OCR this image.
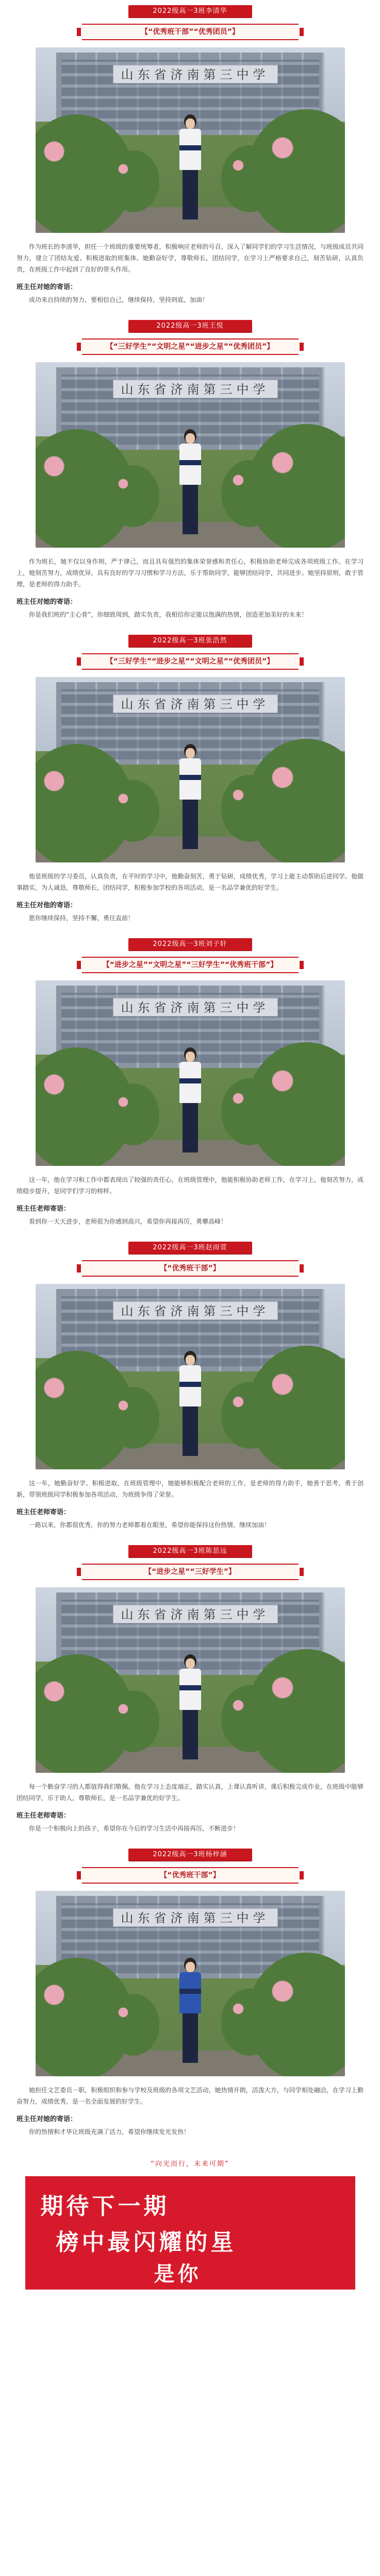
2022级高一3班李清华
【“优秀班干部”“优秀团员”】
山东省济南第三中学

作为班长的李清华，担任一个班级的重要统筹者，积极响应老师的号召，深入了解同学们的学习生活情况，与班级成员共同努力，建立了团结友爱、积极进取的班集体。她勤奋好学，尊敬师长，团结同学，在学习上严格要求自己，刻苦钻研，认真负责，在班级工作中起到了良好的带头作用。

班主任对她的寄语：

成功来自持续的努力，要相信自己，继续保持，坚持到底，加油！

2022级高一3班王悦
【“三好学生”“文明之星”“进步之星”“优秀团员”】
山东省济南第三中学

作为班长，她不仅以身作则，严于律己，而且具有强烈的集体荣誉感和责任心，积极协助老师完成各项班级工作。在学习上，她刻苦努力，成绩优异，具有良好的学习习惯和学习方法，乐于帮助同学，能够团结同学，共同进步。她坚持原则，敢于管理，是老师的得力助手。

班主任对她的寄语：

你是我们班的“主心骨”，你细致周到，踏实负责，我相信你定能以饱满的热情，创造更加美好的未来！

2022级高一3班张浩然
【“三好学生”“进步之星”“文明之星”“优秀团员”】
山东省济南第三中学

他是班级的学习委员，认真负责，在平时的学习中，他勤奋刻苦，勇于钻研，成绩优秀，学习上能主动帮助后进同学。他做事踏实，为人诚恳，尊敬师长，团结同学，积极参加学校的各项活动，是一名品学兼优的好学生。

班主任对他的寄语：

愿你继续保持，坚持不懈，勇往直前！

2022级高一3班刘子轩
【“进步之星”“文明之星”“三好学生”“优秀班干部”】
山东省济南第三中学

这一年，他在学习和工作中都表现出了较强的责任心，在班级管理中，他能积极协助老师工作，在学习上，他刻苦努力，成绩稳步提升，是同学们学习的榜样。

班主任老师寄语：

看到你一天天进步，老师很为你感到高兴，希望你再接再厉，勇攀高峰！

2022级高一3班赵雨萱
【“优秀班干部”】
山东省济南第三中学

这一年，她勤奋好学、积极进取，在班级管理中，她能够积极配合老师的工作，是老师的得力助手，她善于思考，勇于创新，带领班级同学积极参加各项活动，为班级争得了荣誉。

班主任老师寄语：

一路以来，你都很优秀，你的努力老师都看在眼里，希望你能保持这份热情，继续加油！

2022级高一3班陈思远
【“进步之星”“三好学生”】
山东省济南第三中学

每一个勤奋学习的人都值得我们敬佩。他在学习上态度端正，踏实认真，上课认真听讲，课后积极完成作业，在班级中能够团结同学，乐于助人，尊敬师长，是一名品学兼优的好学生。

班主任老师寄语：

你是一个积极向上的孩子，希望你在今后的学习生活中再接再厉，不断进步！

2022级高一3班杨梓涵
【“优秀班干部”】
山东省济南第三中学

她担任文艺委员一职，积极组织和参与学校及班级的各项文艺活动，她热情开朗，活泼大方，与同学相处融洽，在学习上勤奋努力，成绩优秀，是一名全面发展的好学生。

班主任对她的寄语：

你的热情和才华让班级充满了活力，希望你继续发光发热！

“向光而行，未来可期”
期待下一期
榜中最闪耀的星
是你
